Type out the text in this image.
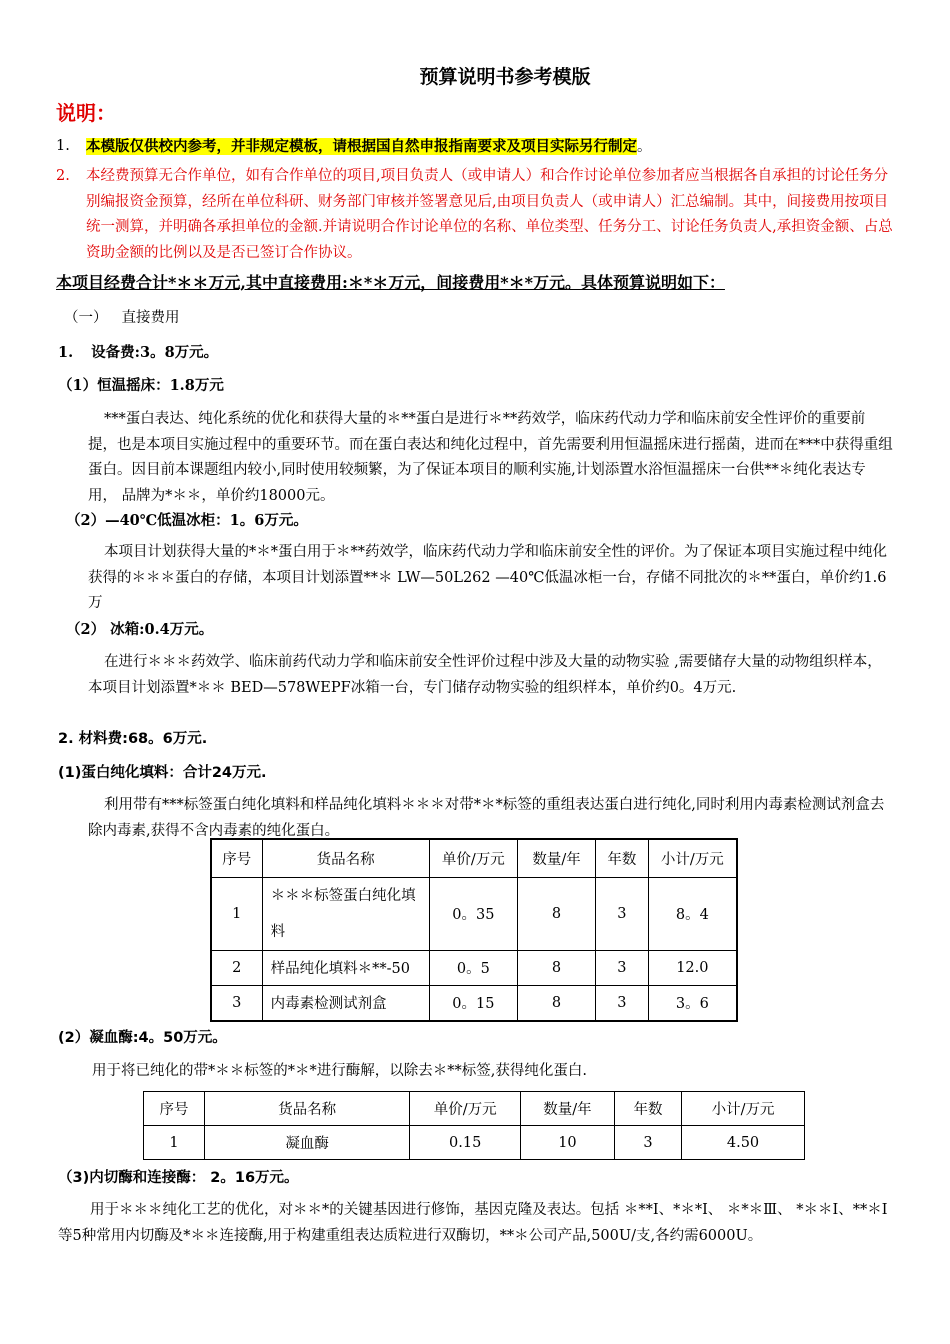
预算说明书参考模版
说明：
1. 本模版仅供校内参考，并非规定模板，请根据国自然申报指南要求及项目实际另行制定。
2. 本经费预算无合作单位，如有合作单位的项目,项目负责人（或申请人）和合作讨论单位参加者应当根据各自承担的讨论任务分别编报资金预算，经所在单位科研、财务部门审核并签署意见后,由项目负责人（或申请人）汇总编制。其中，间接费用按项目统一测算，并明确各承担单位的金额.并请说明合作讨论单位的名称、单位类型、任务分工、讨论任务负责人,承担资金额、占总资助金额的比例以及是否已签订合作协议。
本项目经费合计*＊＊万元,其中直接费用:＊*＊万元，间接费用*＊*万元。具体预算说明如下：
（一） 直接费用
1. 设备费:3。8万元。
（1）恒温摇床：1.8万元
***蛋白表达、纯化系统的优化和获得大量的＊**蛋白是进行＊**药效学，临床药代动力学和临床前安全性评价的重要前提，也是本项目实施过程中的重要环节。而在蛋白表达和纯化过程中，首先需要利用恒温摇床进行摇菌，进而在***中获得重组蛋白。因目前本课题组内较小,同时使用较频繁，为了保证本项目的顺利实施,计划添置水浴恒温摇床一台供**＊纯化表达专用， 品牌为*＊＊，单价约18000元。
（2）—40℃低温冰柜：1。6万元。
本项目计划获得大量的*＊*蛋白用于＊**药效学，临床药代动力学和临床前安全性的评价。为了保证本项目实施过程中纯化获得的＊＊＊蛋白的存储，本项目计划添置**＊ LW—50L262 —40℃低温冰柜一台，存储不同批次的＊**蛋白，单价约1.6万
（2） 冰箱:0.4万元。
在进行＊＊＊药效学、临床前药代动力学和临床前安全性评价过程中涉及大量的动物实验 ,需要储存大量的动物组织样本，本项目计划添置*＊＊ BED—578WEPF冰箱一台，专门储存动物实验的组织样本，单价约0。4万元.
2. 材料费:68。6万元.
(1)蛋白纯化填料：合计24万元.
利用带有***标签蛋白纯化填料和样品纯化填料＊＊＊对带*＊*标签的重组表达蛋白进行纯化,同时利用内毒素检测试剂盒去除内毒素,获得不含内毒素的纯化蛋白。
序号	货品名称	单价/万元	数量/年	年数	小计/万元
1	＊＊＊标签蛋白纯化填料	0。35	8	3	8。4
2	样品纯化填料＊**-50	0。5	8	3	12.0
3	内毒素检测试剂盒	0。15	8	3	3。6
(2）凝血酶:4。50万元。
用于将已纯化的带*＊＊标签的*＊*进行酶解，以除去＊**标签,获得纯化蛋白.
序号	货品名称	单价/万元	数量/年	年数	小计/万元
1	凝血酶	0.15	10	3	4.50
（3)内切酶和连接酶： 2。16万元。
用于＊＊＊纯化工艺的优化，对＊＊*的关键基因进行修饰，基因克隆及表达。包括 ＊**Ⅰ、*＊*Ⅰ、 ＊*＊Ⅲ、 *＊＊Ⅰ、**＊Ⅰ等5种常用内切酶及*＊＊连接酶,用于构建重组表达质粒进行双酶切，**＊公司产品,500U/支,各约需6000U。
